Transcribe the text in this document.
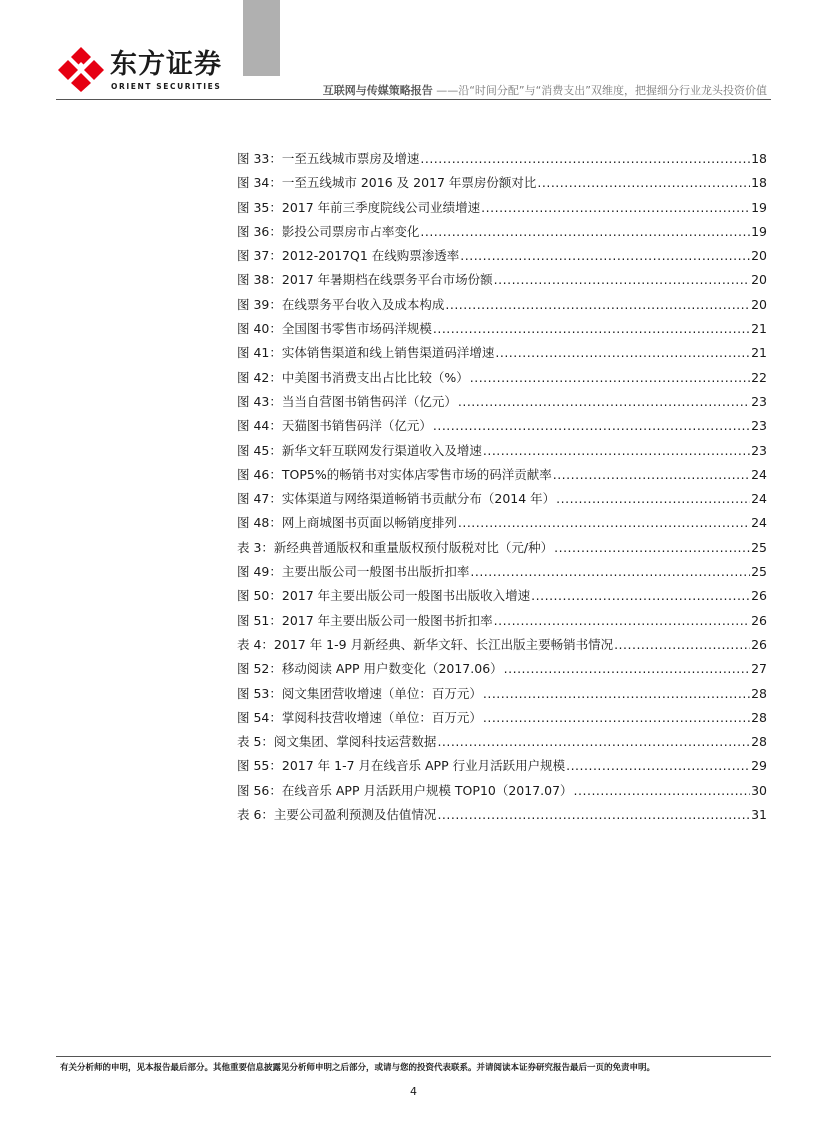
东方证券
ORIENT SECURITIES	互联网与传媒策略报告 ——沿“时间分配”与“消费支出”双维度，把握细分行业龙头投资价值
图 33：一至五线城市票房及增速 .....	18
图 34：一至五线城市 2016 及 2017 年票房份额对比 .....	18
图 35：2017 年前三季度院线公司业绩增速 .....	19
图 36：影投公司票房市占率变化 .....	19
图 37：2012-2017Q1 在线购票渗透率 .....	20
图 38：2017 年暑期档在线票务平台市场份额 .....	20
图 39：在线票务平台收入及成本构成 .....	20
图 40：全国图书零售市场码洋规模 .....	21
图 41：实体销售渠道和线上销售渠道码洋增速 .....	21
图 42：中美图书消费支出占比比较（%） .....	22
图 43：当当自营图书销售码洋（亿元） .....	23
图 44：天猫图书销售码洋（亿元） .....	23
图 45：新华文轩互联网发行渠道收入及增速 .....	23
图 46：TOP5%的畅销书对实体店零售市场的码洋贡献率 .....	24
图 47：实体渠道与网络渠道畅销书贡献分布（2014 年） .....	24
图 48：网上商城图书页面以畅销度排列 .....	24
表 3：新经典普通版权和重量版权预付版税对比（元/种） .....	25
图 49：主要出版公司一般图书出版折扣率 .....	25
图 50：2017 年主要出版公司一般图书出版收入增速 .....	26
图 51：2017 年主要出版公司一般图书折扣率 .....	26
表 4：2017 年 1-9 月新经典、新华文轩、长江出版主要畅销书情况 .....	26
图 52：移动阅读 APP 用户数变化（2017.06） .....	27
图 53：阅文集团营收增速（单位：百万元） .....	28
图 54：掌阅科技营收增速（单位：百万元） .....	28
表 5：阅文集团、掌阅科技运营数据 .....	28
图 55：2017 年 1-7 月在线音乐 APP 行业月活跃用户规模 .....	29
图 56：在线音乐 APP 月活跃用户规模 TOP10（2017.07） .....	30
表 6：主要公司盈利预测及估值情况 .....	31
有关分析师的申明，见本报告最后部分。其他重要信息披露见分析师申明之后部分，或请与您的投资代表联系。并请阅读本证券研究报告最后一页的免责申明。
4
